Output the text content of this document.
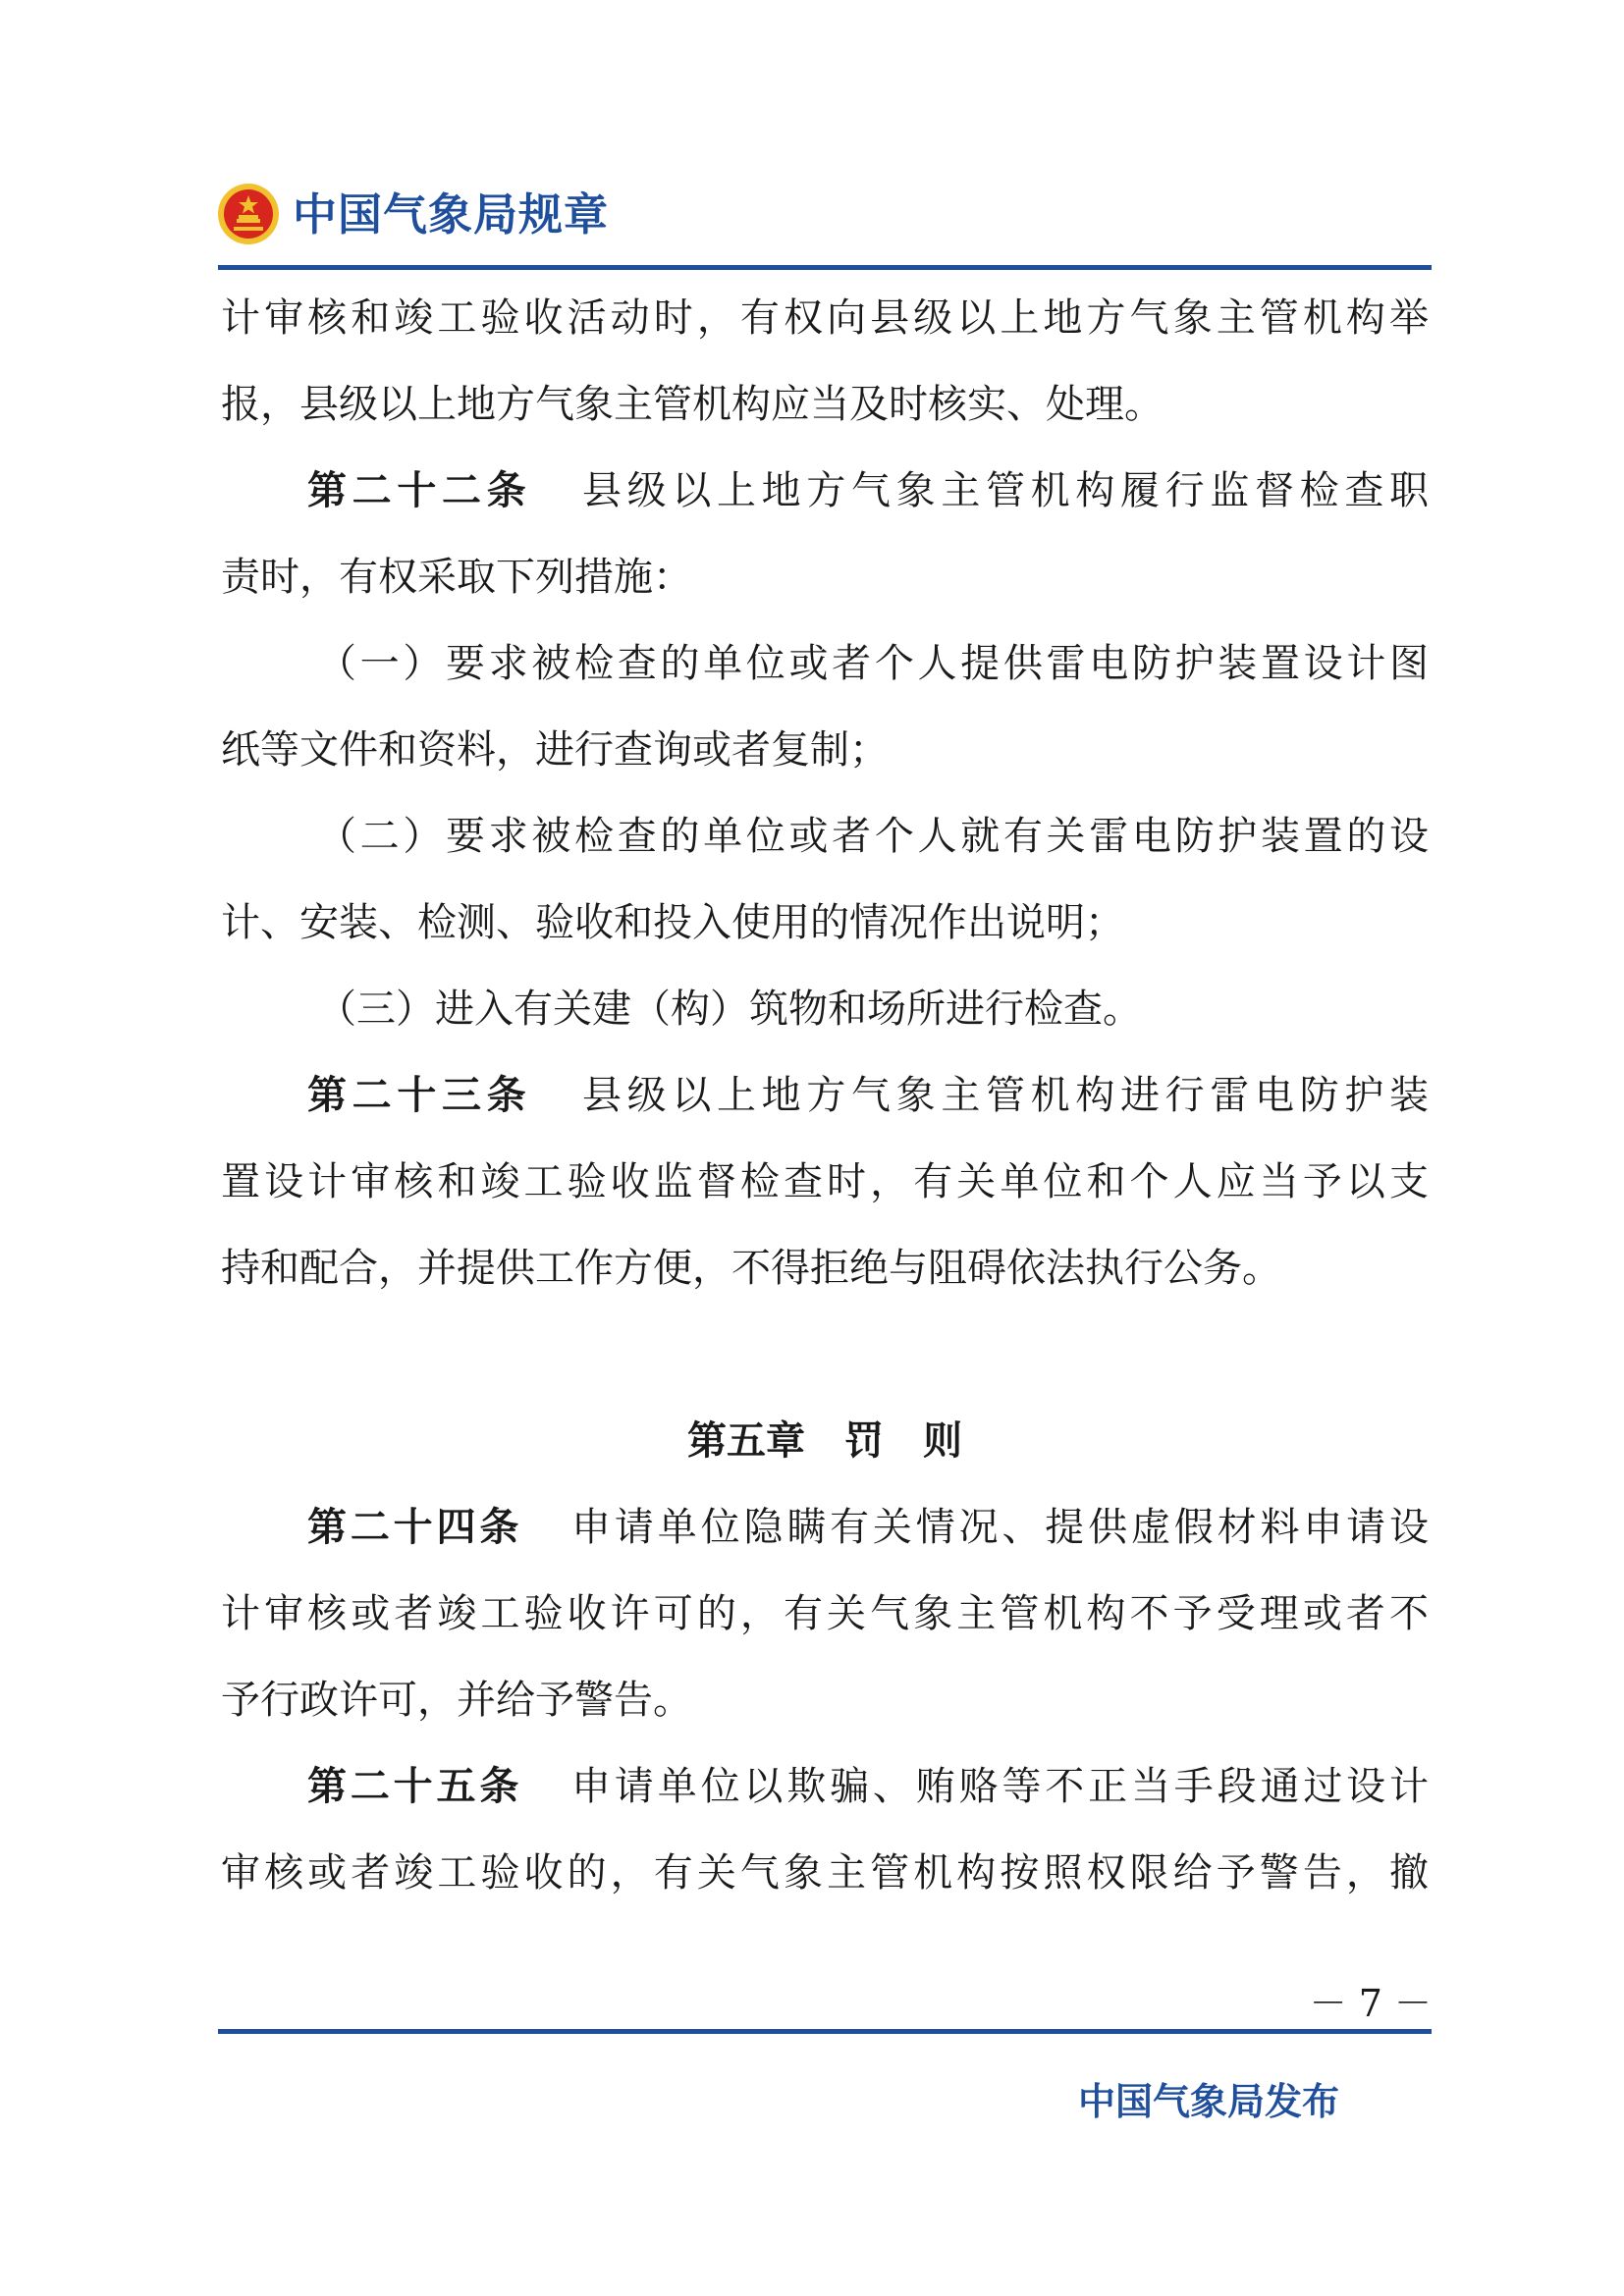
中国气象局规章
计审核和竣工验收活动时，有权向县级以上地方气象主管机构举
报，县级以上地方气象主管机构应当及时核实、处理。
第二十二条 县级以上地方气象主管机构履行监督检查职
责时，有权采取下列措施：
（一）要求被检查的单位或者个人提供雷电防护装置设计图
纸等文件和资料，进行查询或者复制；
（二）要求被检查的单位或者个人就有关雷电防护装置的设
计、安装、检测、验收和投入使用的情况作出说明；
（三）进入有关建（构）筑物和场所进行检查。
第二十三条 县级以上地方气象主管机构进行雷电防护装
置设计审核和竣工验收监督检查时，有关单位和个人应当予以支
持和配合，并提供工作方便，不得拒绝与阻碍依法执行公务。
第五章　罚　则
第二十四条 申请单位隐瞒有关情况、提供虚假材料申请设
计审核或者竣工验收许可的，有关气象主管机构不予受理或者不
予行政许可，并给予警告。
第二十五条 申请单位以欺骗、贿赂等不正当手段通过设计
审核或者竣工验收的，有关气象主管机构按照权限给予警告，撤
－ 7 －
中国气象局发布
